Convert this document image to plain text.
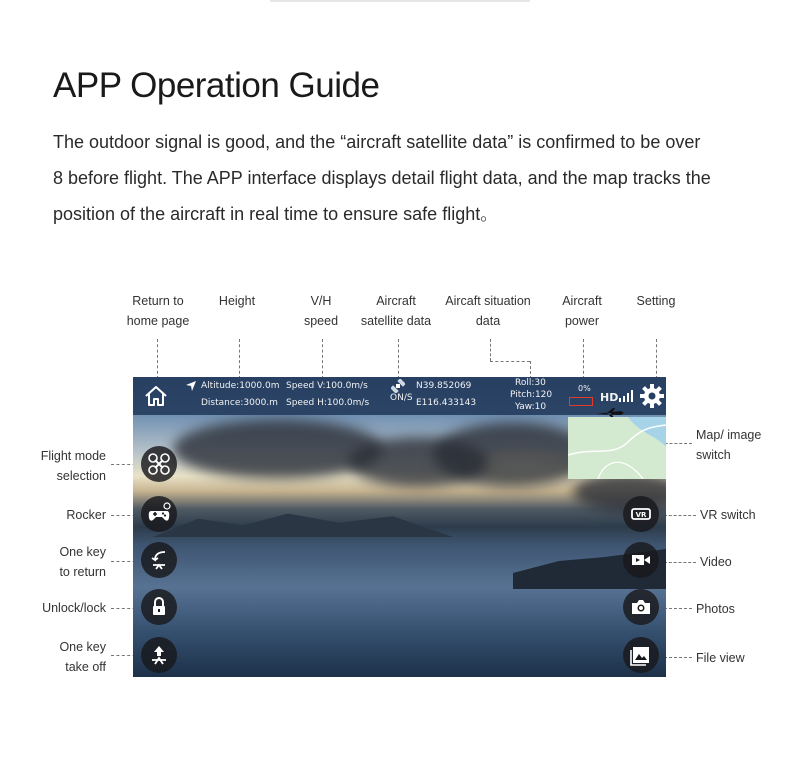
APP Operation Guide
The outdoor signal is good, and the “aircraft satellite data” is confirmed to be over
8 before flight. The APP interface displays detail flight data, and the map tracks the
position of the aircraft in real time to ensure safe flight。
Return to
home page
Height	V/H
speed
Aircraft
satellite data
Aircaft situation
data
Aircraft
power
Setting
Flight mode
selection
Rocker
One key
to return
Unlock/lock
One key
take off
Map/ image
switch
VR switch
Video
Photos
File view
Altitude:1000.0m
Distance:3000.m
Speed V:100.0m/s
Speed H:100.0m/s ON/S
N39.852069
E116.433143
Roll:30
Pitch:120
Yaw:10
0%
HD
VR
